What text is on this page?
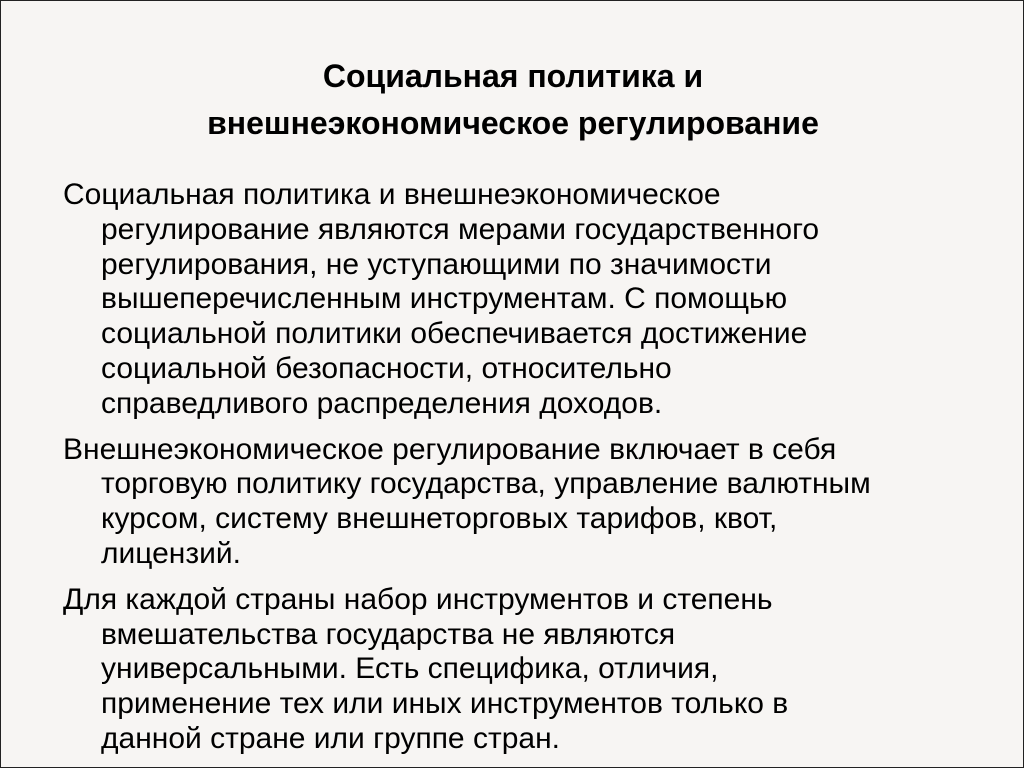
Социальная политика и
внешнеэкономическое регулирование
Социальная политика и внешнеэкономическое
регулирование являются мерами государственного
регулирования, не уступающими по значимости
вышеперечисленным инструментам. С помощью
социальной политики обеспечивается достижение
социальной безопасности, относительно
справедливого распределения доходов.
Внешнеэкономическое регулирование включает в себя
торговую политику государства, управление валютным
курсом, систему внешнеторговых тарифов, квот,
лицензий.
Для каждой страны набор инструментов и степень
вмешательства государства не являются
универсальными. Есть специфика, отличия,
применение тех или иных инструментов только в
данной стране или группе стран.
